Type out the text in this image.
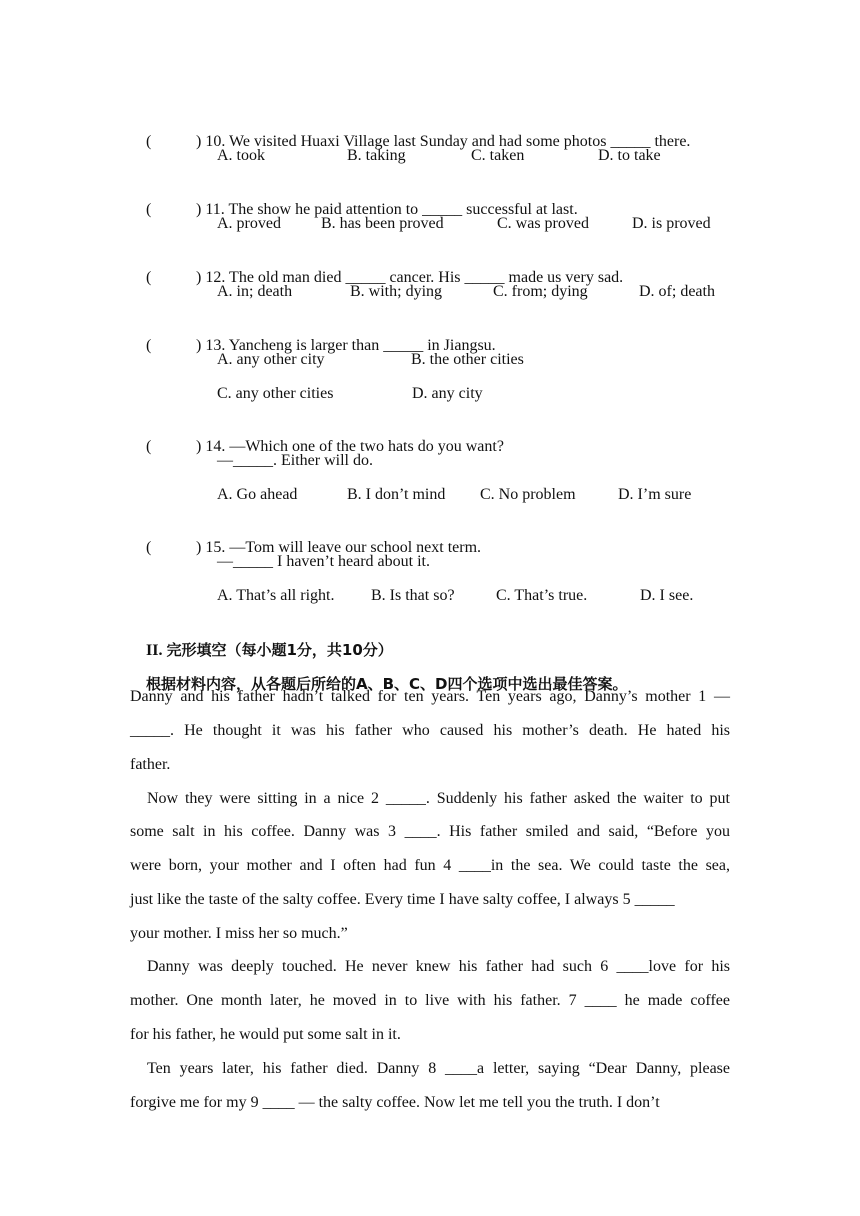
(	) 10. We visited Huaxi Village last Sunday and had some photos _____ there.

A. took	B. taking	C. taken	D. to take

(	) 11. The show he paid attention to _____ successful at last.

A. proved	B. has been proved	C. was proved	D. is proved

(	) 12. The old man died _____ cancer. His _____ made us very sad.

A. in; death	B. with; dying	C. from; dying	D. of; death

(	) 13. Yancheng is larger than _____ in Jiangsu.

A. any other city	B. the other cities
C. any other cities	D. any city

(	) 14. —Which one of the two hats do you want?

—_____. Either will do.
A. Go ahead	B. I don’t mind C. No problem	D. I’m sure

(	) 15. —Tom will leave our school next term.

—_____ I haven’t heard about it.
A. That’s all right. B. Is that so?	C. That’s true.	D. I see.

II. 完形填空（每小题1分，共10分）

根据材料内容，从各题后所给的A、B、C、D四个选项中选出最佳答案。

Danny and his father hadn’t talked for ten years. Ten years ago, Danny’s mother 1 —
_____. He thought it was his father who caused his mother’s death. He hated his
father.
Now they were sitting in a nice 2 _____. Suddenly his father asked the waiter to put
some salt in his coffee. Danny was 3 ____. His father smiled and said, “Before you
were born, your mother and I often had fun 4 ____in the sea. We could taste the sea,
just like the taste of the salty coffee. Every time I have salty coffee, I always 5 _____
your mother. I miss her so much.”
Danny was deeply touched. He never knew his father had such 6 ____love for his
mother. One month later, he moved in to live with his father. 7 ____ he made coffee
for his father, he would put some salt in it.
Ten years later, his father died. Danny 8 ____a letter, saying “Dear Danny, please
forgive me for my 9 ____ — the salty coffee. Now let me tell you the truth. I don’t
